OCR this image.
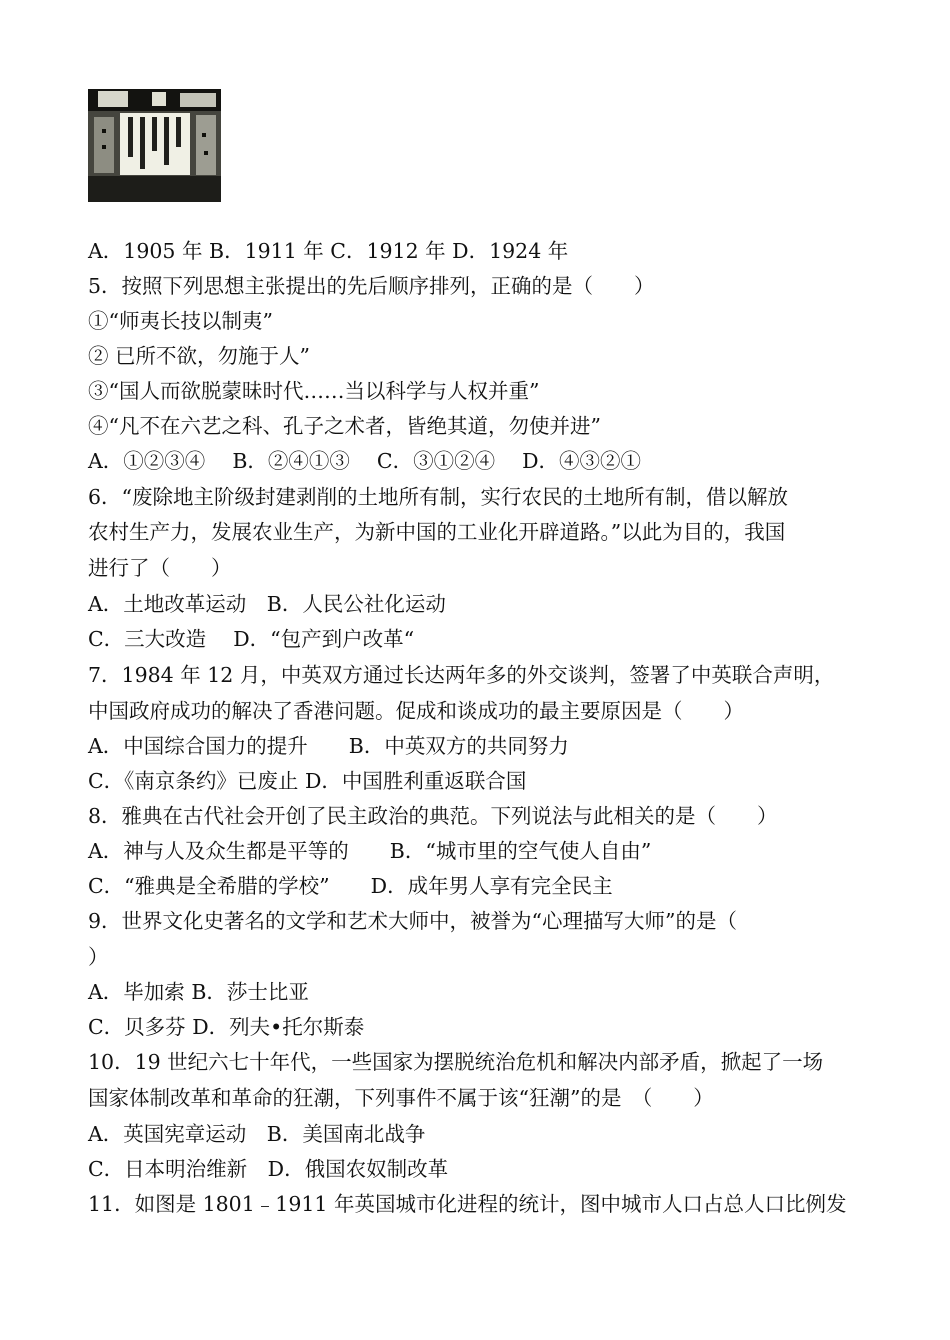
A．1905 年 B．1911 年 C．1912 年 D．1924 年
5．按照下列思想主张提出的先后顺序排列，正确的是（　　）
①“师夷长技以制夷”
② 已所不欲，勿施于人”
③“国人而欲脱蒙昧时代……当以科学与人权并重”
④“凡不在六艺之科、孔子之术者，皆绝其道，勿使并进”
A．①②③④　 B．②④①③　 C．③①②④　 D．④③②①
6．“废除地主阶级封建剥削的土地所有制，实行农民的土地所有制，借以解放
农村生产力，发展农业生产，为新中国的工业化开辟道路。”以此为目的，我国
进行了（　　）
A．土地改革运动　B．人民公社化运动
C．三大改造　 D．“包产到户改革“
7．1984 年 12 月，中英双方通过长达两年多的外交谈判，签署了中英联合声明，
中国政府成功的解决了香港问题。促成和谈成功的最主要原因是（　　）
A．中国综合国力的提升　　B．中英双方的共同努力
C．《南京条约》已废止 D．中国胜利重返联合国
8．雅典在古代社会开创了民主政治的典范。下列说法与此相关的是（　　）
A．神与人及众生都是平等的　　B．“城市里的空气使人自由”
C．“雅典是全希腊的学校”　　D．成年男人享有完全民主
9．世界文化史著名的文学和艺术大师中，被誉为“心理描写大师”的是（
）
A．毕加索 B．莎士比亚
C．贝多芬 D．列夫•托尔斯泰
10．19 世纪六七十年代，一些国家为摆脱统治危机和解决内部矛盾，掀起了一场
国家体制改革和革命的狂潮，下列事件不属于该“狂潮”的是　（　　）
A．英国宪章运动　B．美国南北战争
C．日本明治维新　D．俄国农奴制改革
11．如图是 1801﹣1911 年英国城市化进程的统计，图中城市人口占总人口比例发
